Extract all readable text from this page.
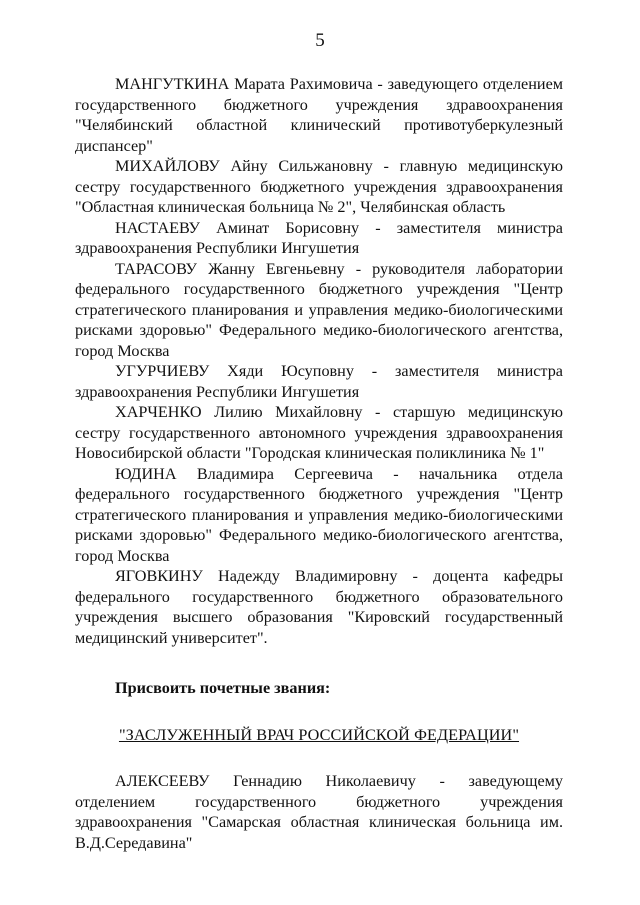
5

МАНГУТКИНА Марата Рахимовича - заведующего отделением государственного бюджетного учреждения здравоохранения "Челябинский областной клинический противотуберкулезный диспансер"

МИХАЙЛОВУ Айну Сильжановну - главную медицинскую сестру государственного бюджетного учреждения здравоохранения "Областная клиническая больница № 2", Челябинская область

НАСТАЕВУ Аминат Борисовну - заместителя министра здравоохранения Республики Ингушетия

ТАРАСОВУ Жанну Евгеньевну - руководителя лаборатории федерального государственного бюджетного учреждения "Центр стратегического планирования и управления медико-биологическими рисками здоровью" Федерального медико-биологического агентства, город Москва

УГУРЧИЕВУ Хяди Юсуповну - заместителя министра здравоохранения Республики Ингушетия

ХАРЧЕНКО Лилию Михайловну - старшую медицинскую сестру государственного автономного учреждения здравоохранения Новосибирской области "Городская клиническая поликлиника № 1"

ЮДИНА Владимира Сергеевича - начальника отдела федерального государственного бюджетного учреждения "Центр стратегического планирования и управления медико-биологическими рисками здоровью" Федерального медико-биологического агентства, город Москва

ЯГОВКИНУ Надежду Владимировну - доцента кафедры федерального государственного бюджетного образовательного учреждения высшего образования "Кировский государственный медицинский университет".

Присвоить почетные звания:
"ЗАСЛУЖЕННЫЙ ВРАЧ РОССИЙСКОЙ ФЕДЕРАЦИИ"

АЛЕКСЕЕВУ Геннадию Николаевичу - заведующему отделением государственного бюджетного учреждения здравоохранения "Самарская областная клиническая больница им. В.Д.Середавина"
